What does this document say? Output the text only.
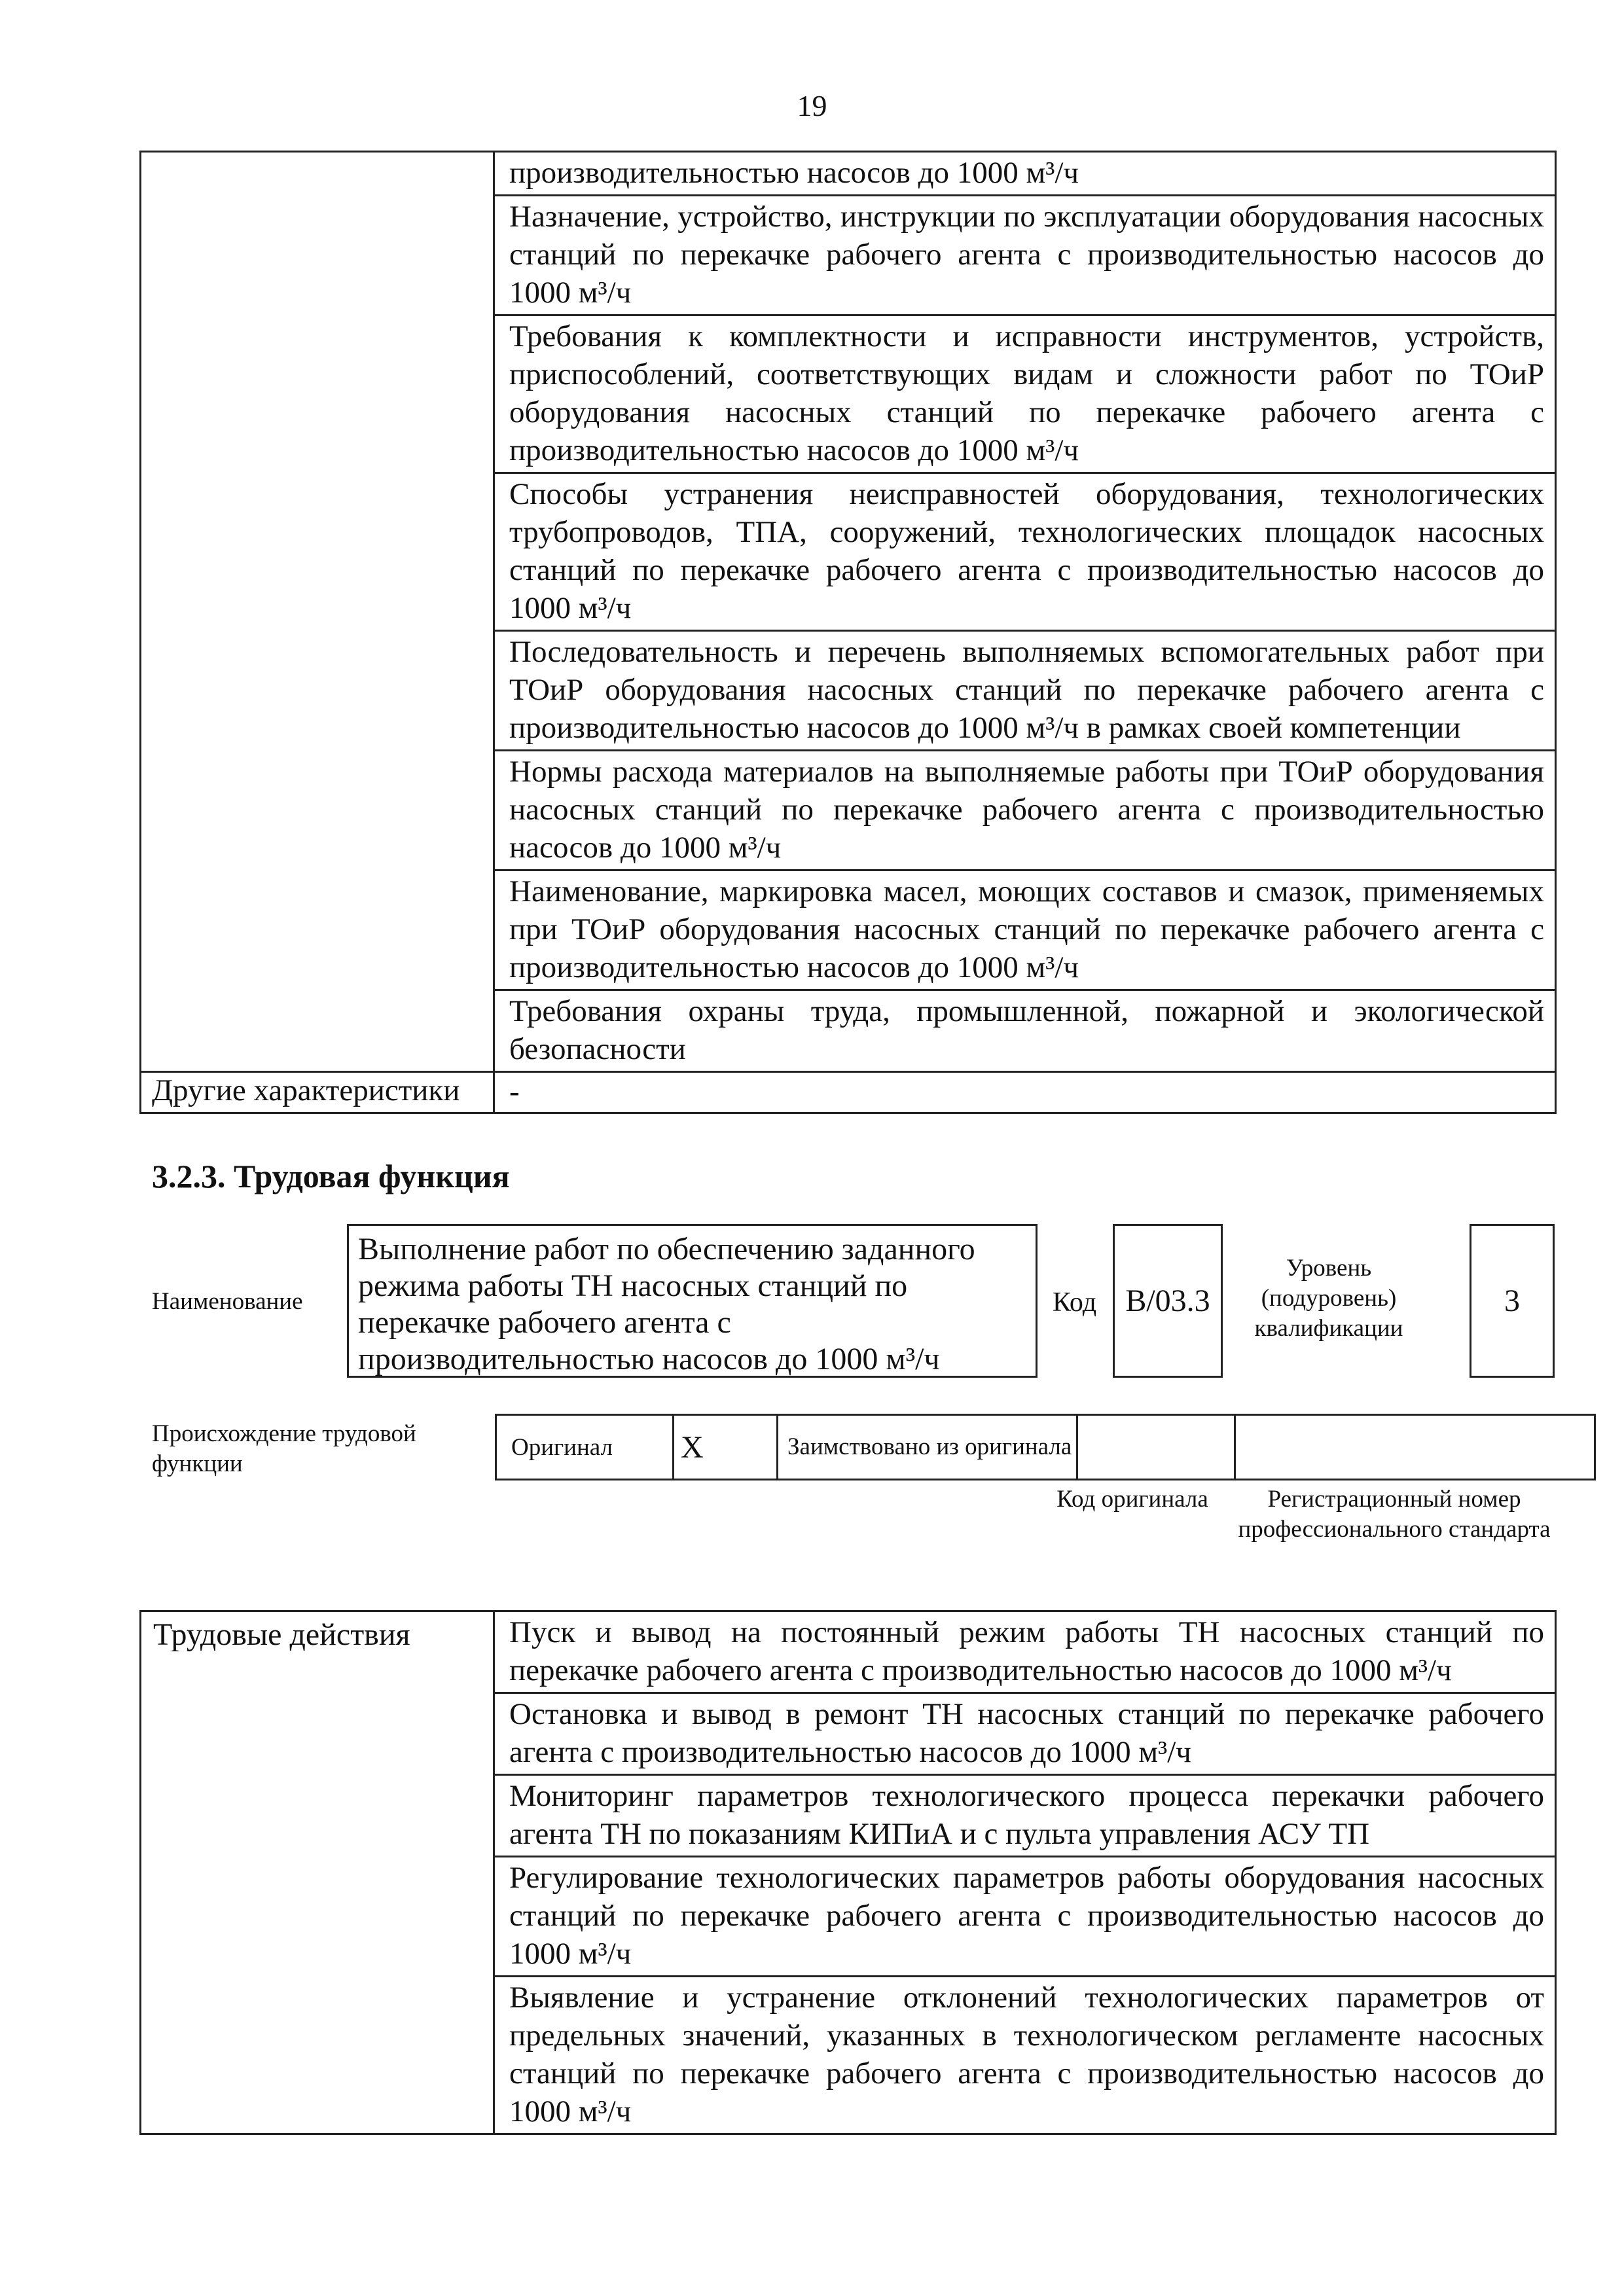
19
	производительностью насосов до 1000 м³/ч
	Назначение, устройство, инструкции по эксплуатации оборудования насосных станций по перекачке рабочего агента с производительностью насосов до 1000 м³/ч
	Требования к комплектности и исправности инструментов, устройств, приспособлений, соответствующих видам и сложности работ по ТОиР оборудования насосных станций по перекачке рабочего агента с производительностью насосов до 1000 м³/ч
	Способы устранения неисправностей оборудования, технологических трубопроводов, ТПА, сооружений, технологических площадок насосных станций по перекачке рабочего агента с производительностью насосов до 1000 м³/ч
	Последовательность и перечень выполняемых вспомогательных работ при ТОиР оборудования насосных станций по перекачке рабочего агента с производительностью насосов до 1000 м³/ч в рамках своей компетенции
	Нормы расхода материалов на выполняемые работы при ТОиР оборудования насосных станций по перекачке рабочего агента с производительностью насосов до 1000 м³/ч
	Наименование, маркировка масел, моющих составов и смазок, применяемых при ТОиР оборудования насосных станций по перекачке рабочего агента с производительностью насосов до 1000 м³/ч
	Требования охраны труда, промышленной, пожарной и экологической безопасности
Другие характеристики	-
3.2.3. Трудовая функция
Наименование
Выполнение работ по обеспечению заданного режима работы ТН насосных станций по перекачке рабочего агента с производительностью насосов до 1000 м³/ч
Код B/03.3
Уровень (подуровень) квалификации
3
Происхождение трудовой функции
Оригинал	X	Заимствовано из оригинала		
Код оригинала	Регистрационный номер профессионального стандарта
Трудовые действия	Пуск и вывод на постоянный режим работы ТН насосных станций по перекачке рабочего агента с производительностью насосов до 1000 м³/ч
Остановка и вывод в ремонт ТН насосных станций по перекачке рабочего агента с производительностью насосов до 1000 м³/ч
Мониторинг параметров технологического процесса перекачки рабочего агента ТН по показаниям КИПиА и с пульта управления АСУ ТП
Регулирование технологических параметров работы оборудования насосных станций по перекачке рабочего агента с производительностью насосов до 1000 м³/ч
Выявление и устранение отклонений технологических параметров от предельных значений, указанных в технологическом регламенте насосных станций по перекачке рабочего агента с производительностью насосов до 1000 м³/ч
